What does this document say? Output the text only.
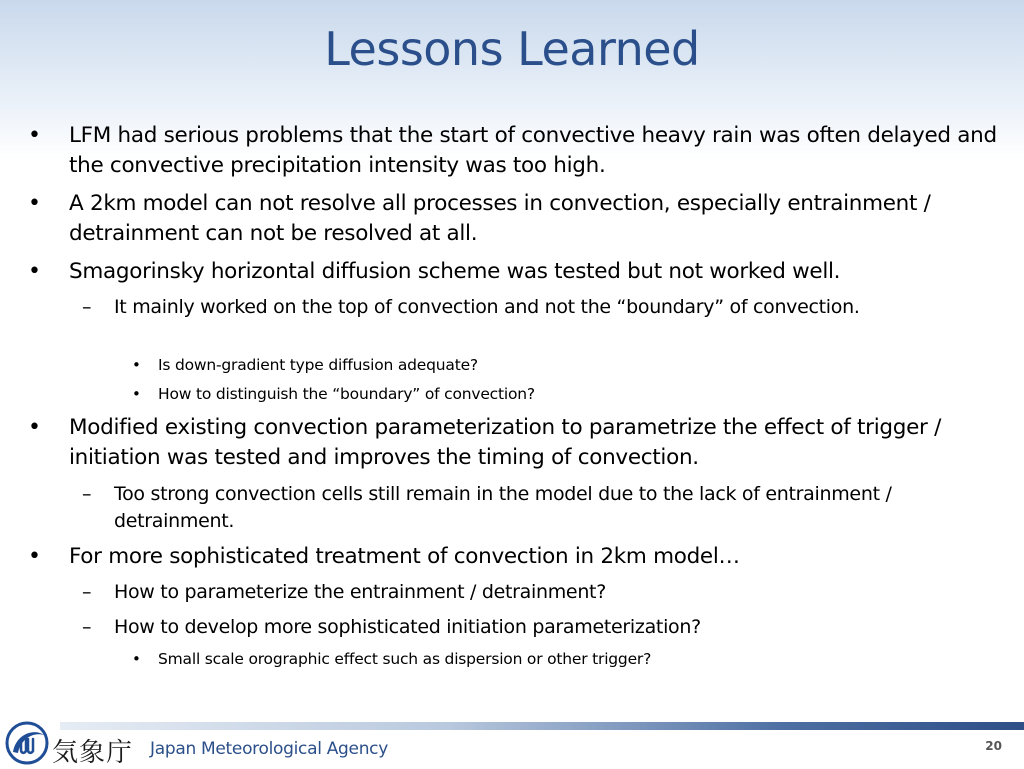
Lessons Learned
• LFM had serious problems that the start of convective heavy rain was often delayed and the convective precipitation intensity was too high.
• A 2km model can not resolve all processes in convection, especially entrainment / detrainment can not be resolved at all.
• Smagorinsky horizontal diffusion scheme was tested but not worked well.
– It mainly worked on the top of convection and not the “boundary” of convection.
• Is down-gradient type diffusion adequate?
• How to distinguish the “boundary” of convection?
• Modified existing convection parameterization to parametrize the effect of trigger / initiation was tested and improves the timing of convection.
– Too strong convection cells still remain in the model due to the lack of entrainment / detrainment.
• For more sophisticated treatment of convection in 2km model…
– How to parameterize the entrainment / detrainment?
– How to develop more sophisticated initiation parameterization?
• Small scale orographic effect such as dispersion or other trigger?
気象庁 Japan Meteorological Agency	20
